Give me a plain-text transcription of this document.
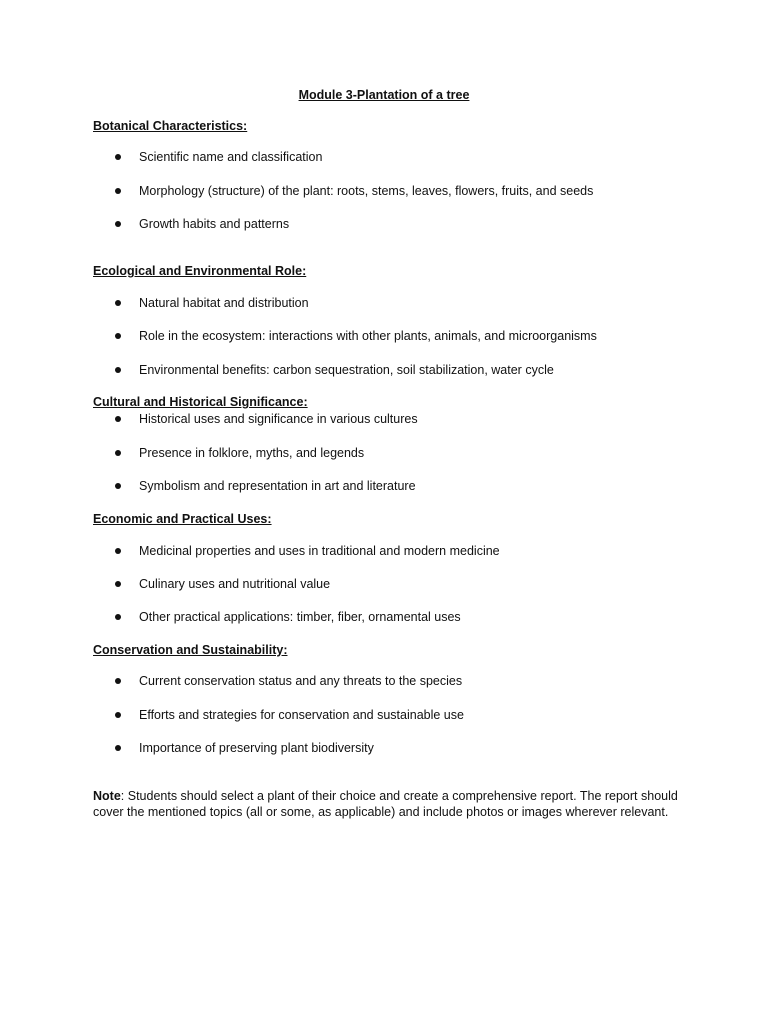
Module 3-Plantation of a tree
Botanical Characteristics:
Scientific name and classification
Morphology (structure) of the plant: roots, stems, leaves, flowers, fruits, and seeds
Growth habits and patterns
Ecological and Environmental Role:
Natural habitat and distribution
Role in the ecosystem: interactions with other plants, animals, and microorganisms
Environmental benefits: carbon sequestration, soil stabilization, water cycle
Cultural and Historical Significance:
Historical uses and significance in various cultures
Presence in folklore, myths, and legends
Symbolism and representation in art and literature
Economic and Practical Uses:
Medicinal properties and uses in traditional and modern medicine
Culinary uses and nutritional value
Other practical applications: timber, fiber, ornamental uses
Conservation and Sustainability:
Current conservation status and any threats to the species
Efforts and strategies for conservation and sustainable use
Importance of preserving plant biodiversity
Note: Students should select a plant of their choice and create a comprehensive report. The report should cover the mentioned topics (all or some, as applicable) and include photos or images wherever relevant.
